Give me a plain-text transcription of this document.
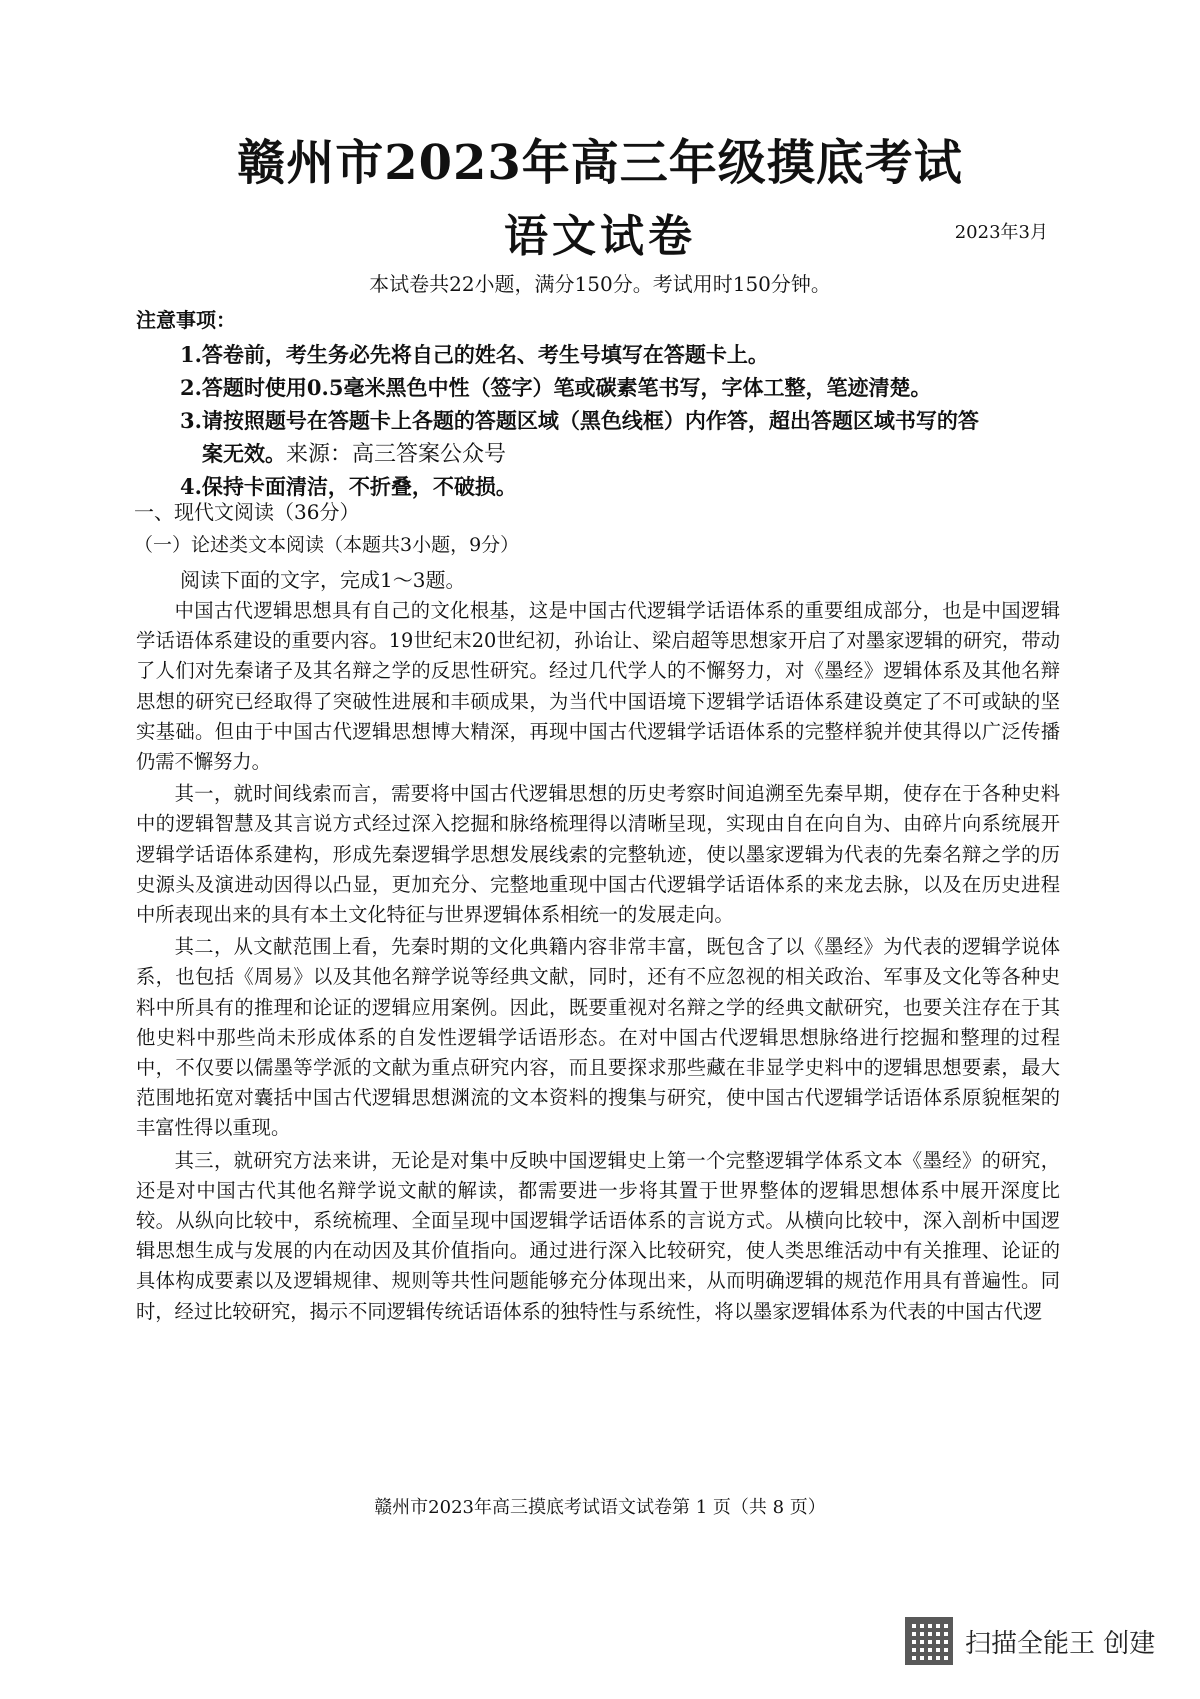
赣州市2023年高三年级摸底考试
语文试卷	2023年3月
本试卷共22小题，满分150分。考试用时150分钟。
注意事项：
1.答卷前，考生务必先将自己的姓名、考生号填写在答题卡上。
2.答题时使用0.5毫米黑色中性（签字）笔或碳素笔书写，字体工整，笔迹清楚。
3.请按照题号在答题卡上各题的答题区域（黑色线框）内作答，超出答题区域书写的答
案无效。来源：高三答案公众号
4.保持卡面清洁，不折叠，不破损。
一、现代文阅读（36分）
（一）论述类文本阅读（本题共3小题，9分）
阅读下面的文字，完成1～3题。

中国古代逻辑思想具有自己的文化根基，这是中国古代逻辑学话语体系的重要组成部分，也是中国逻辑学话语体系建设的重要内容。19世纪末20世纪初，孙诒让、梁启超等思想家开启了对墨家逻辑的研究，带动了人们对先秦诸子及其名辩之学的反思性研究。经过几代学人的不懈努力，对《墨经》逻辑体系及其他名辩思想的研究已经取得了突破性进展和丰硕成果，为当代中国语境下逻辑学话语体系建设奠定了不可或缺的坚实基础。但由于中国古代逻辑思想博大精深，再现中国古代逻辑学话语体系的完整样貌并使其得以广泛传播仍需不懈努力。

其一，就时间线索而言，需要将中国古代逻辑思想的历史考察时间追溯至先秦早期，使存在于各种史料中的逻辑智慧及其言说方式经过深入挖掘和脉络梳理得以清晰呈现，实现由自在向自为、由碎片向系统展开逻辑学话语体系建构，形成先秦逻辑学思想发展线索的完整轨迹，使以墨家逻辑为代表的先秦名辩之学的历史源头及演进动因得以凸显，更加充分、完整地重现中国古代逻辑学话语体系的来龙去脉，以及在历史进程中所表现出来的具有本土文化特征与世界逻辑体系相统一的发展走向。

其二，从文献范围上看，先秦时期的文化典籍内容非常丰富，既包含了以《墨经》为代表的逻辑学说体系，也包括《周易》以及其他名辩学说等经典文献，同时，还有不应忽视的相关政治、军事及文化等各种史料中所具有的推理和论证的逻辑应用案例。因此，既要重视对名辩之学的经典文献研究，也要关注存在于其他史料中那些尚未形成体系的自发性逻辑学话语形态。在对中国古代逻辑思想脉络进行挖掘和整理的过程中，不仅要以儒墨等学派的文献为重点研究内容，而且要探求那些藏在非显学史料中的逻辑思想要素，最大范围地拓宽对囊括中国古代逻辑思想渊流的文本资料的搜集与研究，使中国古代逻辑学话语体系原貌框架的丰富性得以重现。

其三，就研究方法来讲，无论是对集中反映中国逻辑史上第一个完整逻辑学体系文本《墨经》的研究，还是对中国古代其他名辩学说文献的解读，都需要进一步将其置于世界整体的逻辑思想体系中展开深度比较。从纵向比较中，系统梳理、全面呈现中国逻辑学话语体系的言说方式。从横向比较中，深入剖析中国逻辑思想生成与发展的内在动因及其价值指向。通过进行深入比较研究，使人类思维活动中有关推理、论证的具体构成要素以及逻辑规律、规则等共性问题能够充分体现出来，从而明确逻辑的规范作用具有普遍性。同时，经过比较研究，揭示不同逻辑传统话语体系的独特性与系统性，将以墨家逻辑体系为代表的中国古代逻

赣州市2023年高三摸底考试语文试卷第 1 页（共 8 页）
扫描全能王 创建
